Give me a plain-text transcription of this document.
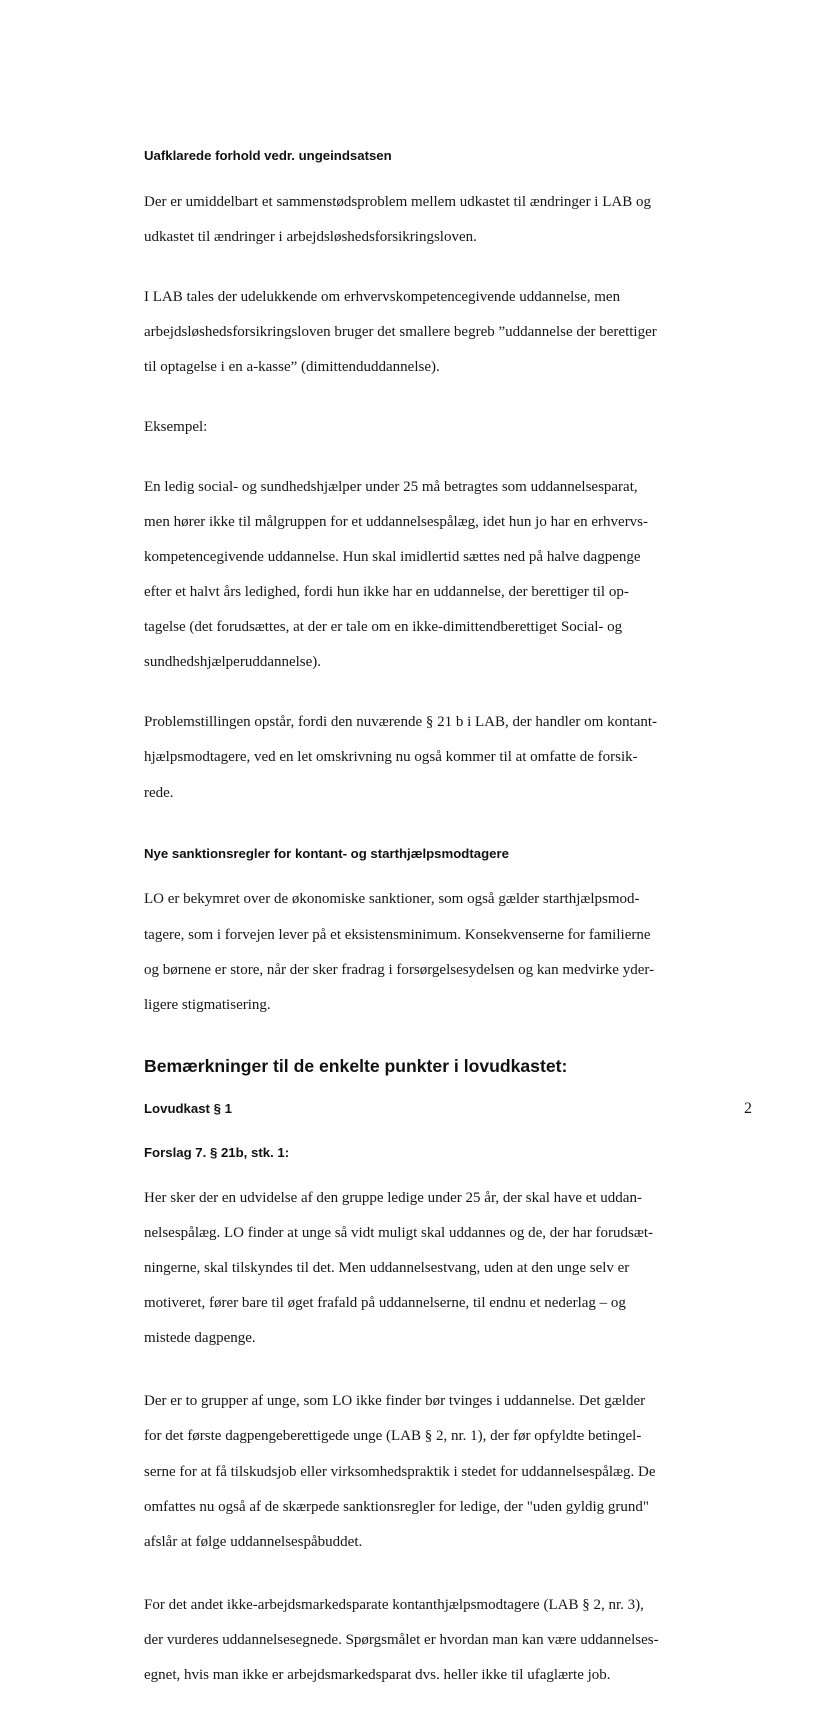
Uafklarede forhold vedr. ungeindsatsen

Der er umiddelbart et sammenstødsproblem mellem udkastet til ændringer i LAB og

udkastet til ændringer i arbejdsløshedsforsikringsloven.

I LAB tales der udelukkende om erhvervskompetencegivende uddannelse, men

arbejdsløshedsforsikringsloven bruger det smallere begreb ”uddannelse der berettiger

til optagelse i en a-kasse” (dimittenduddannelse).

Eksempel:

En ledig social- og sundhedshjælper under 25 må betragtes som uddannelsesparat,

men hører ikke til målgruppen for et uddannelsespålæg, idet hun jo har en erhvervs-

kompetencegivende uddannelse. Hun skal imidlertid sættes ned på halve dagpenge

efter et halvt års ledighed, fordi hun ikke har en uddannelse, der berettiger til op-

tagelse (det forudsættes, at der er tale om en ikke-dimittendberettiget Social- og

sundhedshjælperuddannelse).

Problemstillingen opstår, fordi den nuværende § 21 b i LAB, der handler om kontant-

hjælpsmodtagere, ved en let omskrivning nu også kommer til at omfatte de forsik-

rede.

Nye sanktionsregler for kontant- og starthjælpsmodtagere

LO er bekymret over de økonomiske sanktioner, som også gælder starthjælpsmod-

tagere, som i forvejen lever på et eksistensminimum. Konsekvenserne for familierne

og børnene er store, når der sker fradrag i forsørgelsesydelsen og kan medvirke yder-

ligere stigmatisering.

Bemærkninger til de enkelte punkter i lovudkastet:
Lovudkast § 1
Forslag 7. § 21b, stk. 1:

Her sker der en udvidelse af den gruppe ledige under 25 år, der skal have et uddan-

nelsespålæg. LO finder at unge så vidt muligt skal uddannes og de, der har forudsæt-

ningerne, skal tilskyndes til det. Men uddannelsestvang, uden at den unge selv er

motiveret, fører bare til øget frafald på uddannelserne, til endnu et nederlag – og

mistede dagpenge.

Der er to grupper af unge, som LO ikke finder bør tvinges i uddannelse. Det gælder

for det første dagpengeberettigede unge (LAB § 2, nr. 1), der før opfyldte betingel-

serne for at få tilskudsjob eller virksomhedspraktik i stedet for uddannelsespålæg. De

omfattes nu også af de skærpede sanktionsregler for ledige, der "uden gyldig grund"

afslår at følge uddannelsespåbuddet.

For det andet ikke-arbejdsmarkedsparate kontanthjælpsmodtagere (LAB § 2, nr. 3),

der vurderes uddannelsesegnede. Spørgsmålet er hvordan man kan være uddannelses-

egnet, hvis man ikke er arbejdsmarkedsparat dvs. heller ikke til ufaglærte job.

2
